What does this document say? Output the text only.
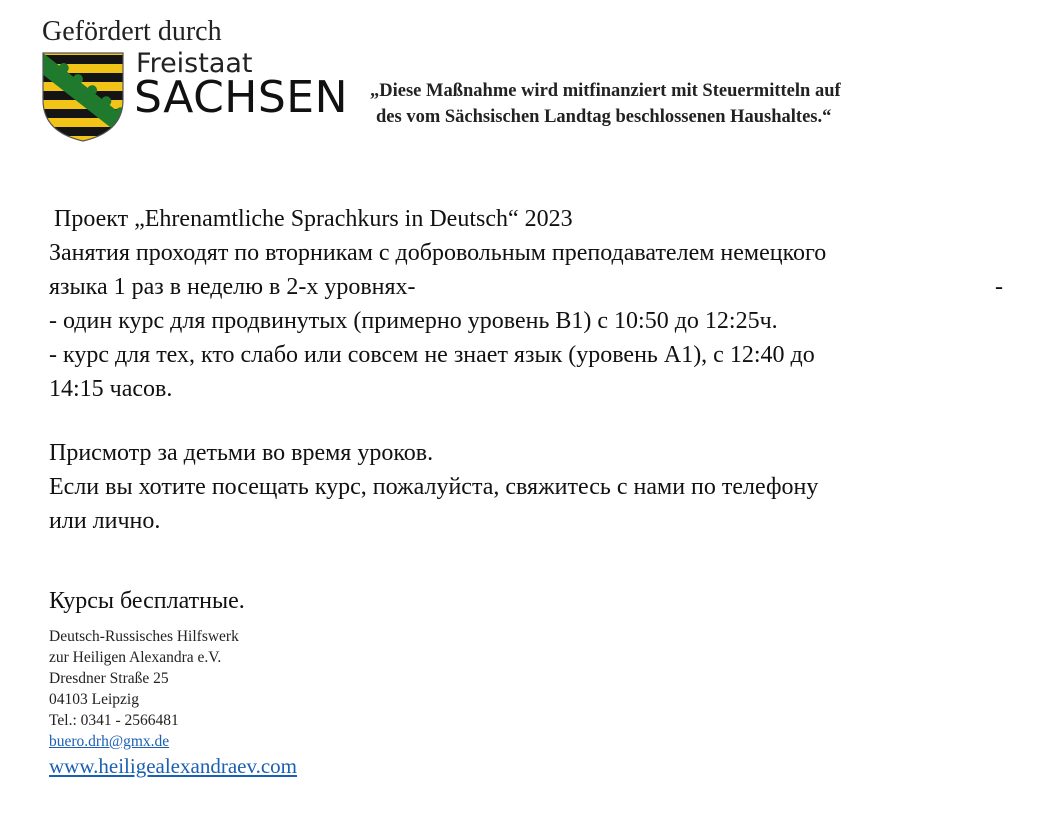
Gefördert durch
Freistaat
SACHSEN „Diese Maßnahme wird mitfinanziert mit Steuermitteln auf
des vom Sächsischen Landtag beschlossenen Haushaltes.“

Проект „Ehrenamtliche Sprachkurs in Deutsch“ 2023

Занятия проходят по вторникам с добровольным преподавателем немецкого

языка 1 раз в неделю в 2-х уровнях-	-

- один курс для продвинутых (примерно уровень B1) с 10:50 до 12:25ч.

- курс для тех, кто слабо или совсем не знает язык (уровень A1), с 12:40 до

14:15 часов.

Присмотр за детьми во время уроков.

Если вы хотите посещать курс, пожалуйста, свяжитесь с нами по телефону

или лично.

Курсы бесплатные.

Deutsch-Russisches Hilfswerk

zur Heiligen Alexandra e.V.

Dresdner Straße 25

04103 Leipzig

Tel.: 0341 - 2566481

buero.drh@gmx.de

www.heiligealexandraev.com
